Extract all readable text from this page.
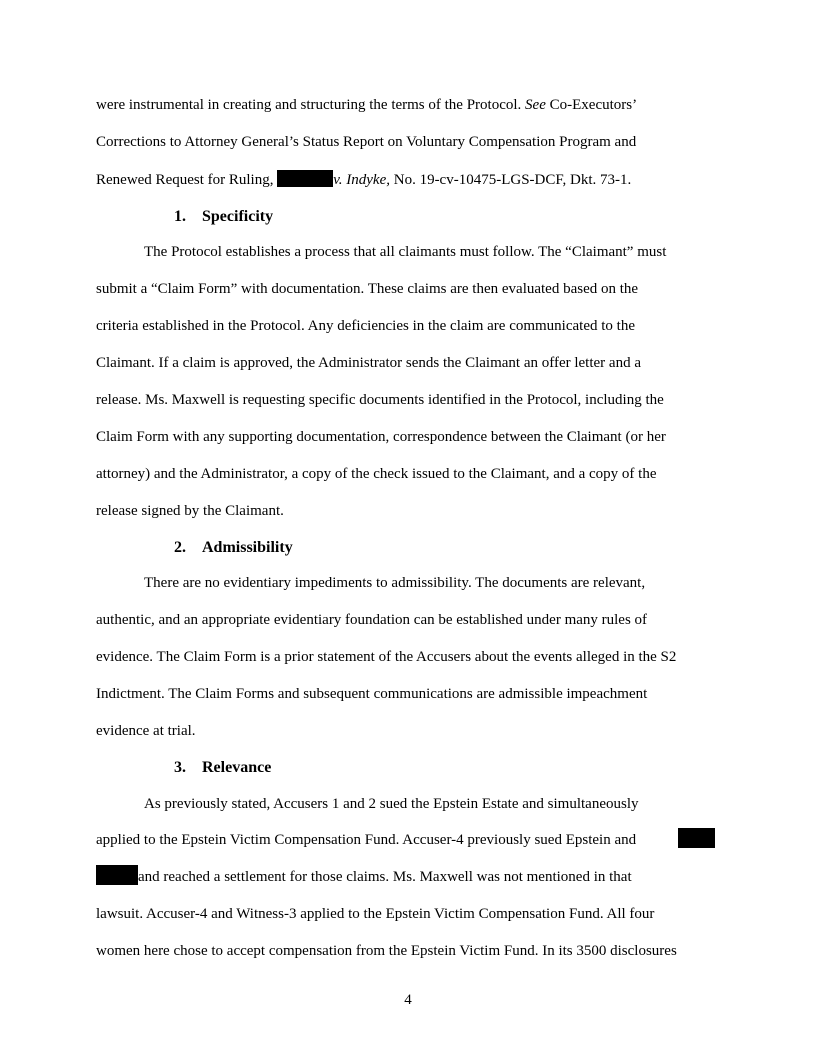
were instrumental in creating and structuring the terms of the Protocol. See Co-Executors’
Corrections to Attorney General’s Status Report on Voluntary Compensation Program and
Renewed Request for Ruling,	v. Indyke, No. 19-cv-10475-LGS-DCF, Dkt. 73-1.
1. Specificity
The Protocol establishes a process that all claimants must follow. The “Claimant” must
submit a “Claim Form” with documentation. These claims are then evaluated based on the
criteria established in the Protocol. Any deficiencies in the claim are communicated to the
Claimant. If a claim is approved, the Administrator sends the Claimant an offer letter and a
release. Ms. Maxwell is requesting specific documents identified in the Protocol, including the
Claim Form with any supporting documentation, correspondence between the Claimant (or her
attorney) and the Administrator, a copy of the check issued to the Claimant, and a copy of the
release signed by the Claimant.
2. Admissibility
There are no evidentiary impediments to admissibility. The documents are relevant,
authentic, and an appropriate evidentiary foundation can be established under many rules of
evidence. The Claim Form is a prior statement of the Accusers about the events alleged in the S2
Indictment. The Claim Forms and subsequent communications are admissible impeachment
evidence at trial.
3. Relevance
As previously stated, Accusers 1 and 2 sued the Epstein Estate and simultaneously
applied to the Epstein Victim Compensation Fund. Accuser-4 previously sued Epstein and
and reached a settlement for those claims. Ms. Maxwell was not mentioned in that
lawsuit. Accuser-4 and Witness-3 applied to the Epstein Victim Compensation Fund. All four
women here chose to accept compensation from the Epstein Victim Fund. In its 3500 disclosures
4
